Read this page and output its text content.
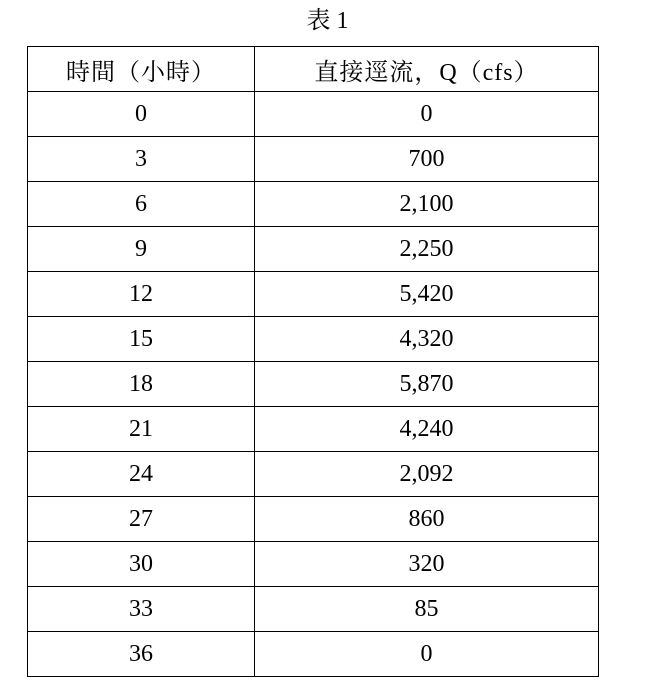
表 1
時間（小時）	直接逕流，Q（cfs）
0	0
3	700
6	2,100
9	2,250
12	5,420
15	4,320
18	5,870
21	4,240
24	2,092
27	860
30	320
33	85
36	0
